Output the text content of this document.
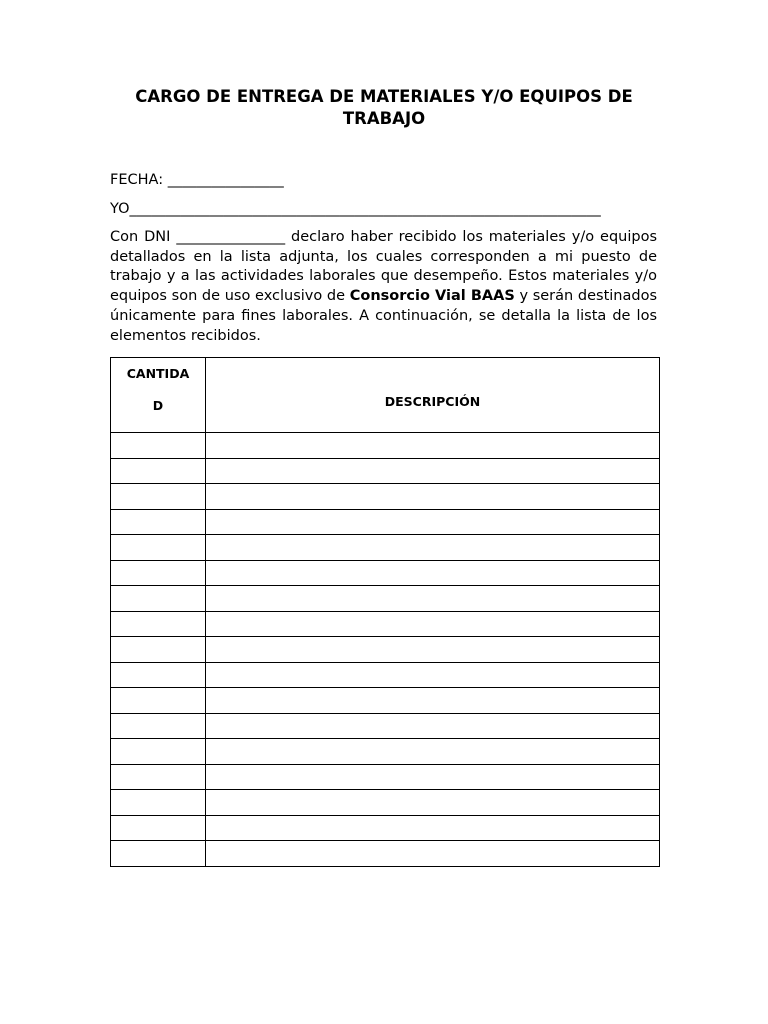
CARGO DE ENTREGA DE MATERIALES Y/O EQUIPOS DE TRABAJO
FECHA: ________________
YO_________________________________________________________________

Con DNI _______________ declaro haber recibido los materiales y/o equipos detallados en la lista adjunta, los cuales corresponden a mi puesto de trabajo y a las actividades laborales que desempeño. Estos materiales y/o equipos son de uso exclusivo de Consorcio Vial BAAS y serán destinados únicamente para fines laborales. A continuación, se detalla la lista de los elementos recibidos.

CANTIDA
D	DESCRIPCIÓN
